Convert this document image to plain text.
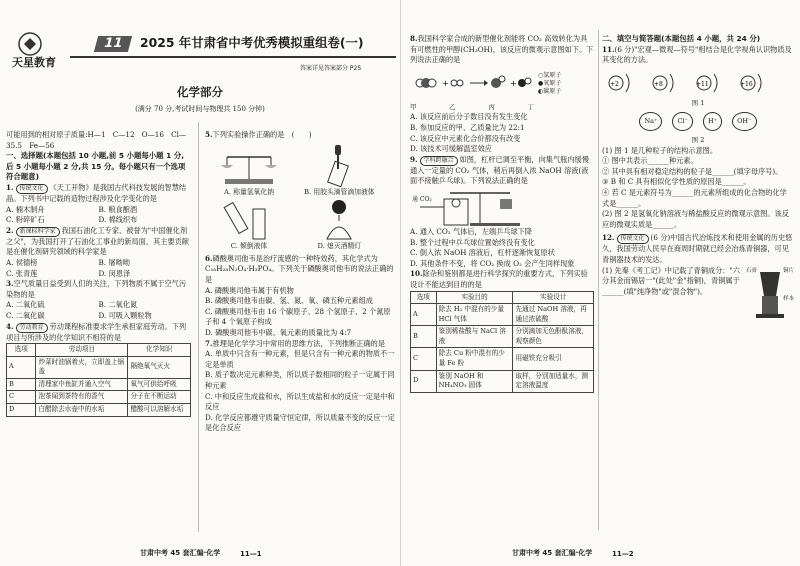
天星教育
11	2025 年甘肃省中考优秀模拟重组卷(一)
答案详见答案部分 P25
化学部分
(满分 70 分,考试时间与物理共 150 分钟)

可能用到的相对原子质量:H—1　C—12　O—16　Cl—35.5　Fe—56

一、选择题(本题包括 10 小题,前 5 小题每小题 1 分,后 5 小题每小题 2 分,共 15 分。每小题只有一个选项符合题意)

1. 传统文化 《天工开物》是我国古代科技发展的智慧结晶。下列书中记载的造物过程涉及化学变化的是

A. 楠木制舟	B. 粮食酿酒
C. 粉碎矿石	D. 棉线织布

2. 新课标科学家 我国石油化工专家、被誉为"中国催化剂之父"，为我国打开了石油化工事业的新局面，其主要贡献是在催化剂研究领域的科学家是

A. 侯德榜	B. 屠呦呦
C. 张青莲	D. 闵恩泽

3.空气质量日益受到人们的关注，下列物质不属于空气污染物的是

A. 二氧化硫	B. 二氧化氮
C. 二氧化碳	D. 可吸入颗粒物

4. 劳动教育 劳动课程标准要求学生承担家庭劳动。下列项目与所涉及的化学知识不相符的是

选项	劳动项目	化学知识
A	炒菜时油锅着火，立即盖上锅盖	隔绝氧气灭火
B	清理家中鱼缸并通入空气	氧气可供给呼吸
C	泡茶闻到茶特有的香气	分子在不断运动
D	白醋除去水壶中的水垢	醋酸可以溶解水垢

5.下列实验操作正确的是　(　　)

A. 称量氢氧化钠	B. 用胶头滴管滴加液体
C. 倾倒液体	D. 熄灭酒精灯

6.磷酸奥司他韦是治疗流感的一种特效药，其化学式为 C₁₆H₂₈N₂O₄·H₃PO₄。下列关于磷酸奥司他韦的说法正确的是

A. 磷酸奥司他韦属于有机物

B. 磷酸奥司他韦由碳、氢、氮、氧、磷五种元素组成

C. 磷酸奥司他韦由 16 个碳原子、28 个氢原子、2 个氮原子和 4 个氧原子构成

D. 磷酸奥司他韦中碳、氧元素的质量比为 4:7

7.推理是化学学习中常用的思维方法，下列推断正确的是

A. 单质中只含有一种元素，但是只含有一种元素的物质不一定是单质

B. 质子数决定元素种类，所以质子数相同的粒子一定属于同种元素

C. 中和反应生成盐和水，所以生成盐和水的反应一定是中和反应

D. 化学反应都遵守质量守恒定律，所以质量不变的反应一定是化合反应

甘肃中考 45 套汇编·化学	11—1

8.我国科学家合成的新型催化剂能将 CO₂ 高效转化为具有可燃性的甲醇(CH₃OH)，该反应的微观示意图如下。下列说法正确的是

+	+
○氢原子
●氧原子
◐碳原子
甲	乙	丙	丁

A. 该反应前后分子数目没有发生变化

B. 参加反应的甲、乙质量比为 22:1

C. 该反应中元素化合价都没有改变

D. 该技术可缓解温室效应

9. 学科跨融合 如图，杠杆已调至平衡，向集气瓶内缓慢通入一定量的 CO₂ 气体，稍后再倒入浓 NaOH 溶液(液面不接触乒乓球)。下列说法正确的是

通 CO₂

A. 通入 CO₂ 气体后，左端乒乓球下降

B. 整个过程中乒乓球位置始终没有变化

C. 倒入浓 NaOH 溶液后，杠杆逐渐恢复原状

D. 其他条件不变，将 CO₂ 换成 O₂ 会产生同样现象

10.除杂和鉴别都是进行科学探究的重要方式，下列实验设计不能达到目的的是

选项	实验目的	实验设计
A	除去 H₂ 中混有的少量 HCl 气体	先通过 NaOH 溶液，再通过浓硫酸
B	鉴别稀盐酸与 NaCl 溶液	分别滴加无色酚酞溶液，观察颜色
C	除去 Cu 粉中混有的少量 Fe 粉	用磁铁充分吸引
D	鉴别 NaOH 和 NH₄NO₃ 固体	取样，分别加适量水，测定溶液温度

二、填空与简答题(本题包括 4 小题，共 24 分)

11.(6 分)"宏观—微观—符号"相结合是化学视角认识物质及其变化的方法。

+2	+8	+11	+16
图 1
Na⁺	Cl⁻	H⁺	OH⁻
图 2

(1) 图 1 是几种粒子的结构示意图。

① 图中共表示______种元素。

② 其中具有相对稳定结构的粒子是______(填字母序号)。

③ B 和 C 具有相似化学性质的原因是______。

④ 若 C 是元素符号为______的元素所组成的化合物的化学式是______。

(2) 图 2 是氢氧化钠溶液与稀盐酸反应的微观示意图。该反应的微观实质是______。

12. 传统文化 (6 分)中国古代冶炼技术和使用金属的历史悠久，我国劳动人民早在商周时期就已经会冶炼青铜器，可见青铜器技术的发达。

(1) 先秦《考工记》中记载了青铜成分："六分其金而锡居一"(此处"金"指铜)，青铜属于______(填"纯净物"或"混合物")。

石膏	铜片
样本
甘肃中考 45 套汇编·化学	11—2
